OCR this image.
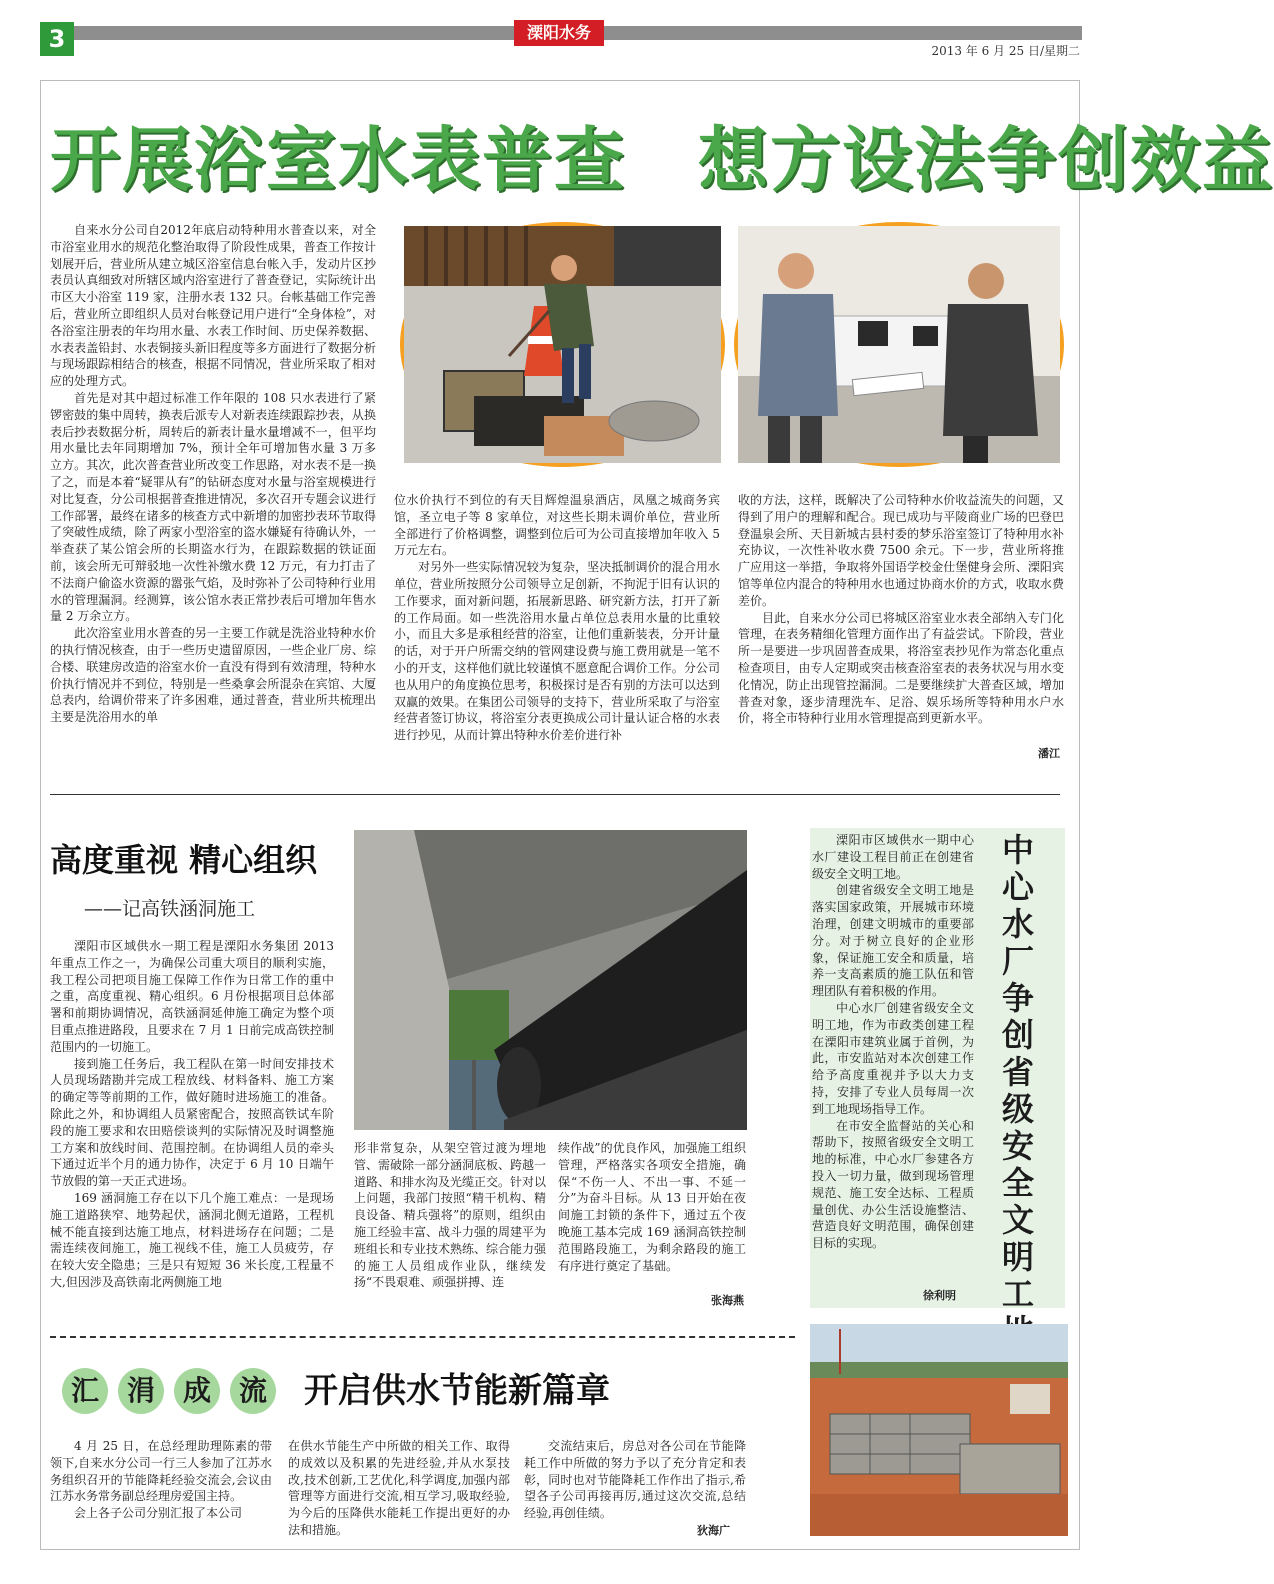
3	溧阳水务
2013 年 6 月 25 日/星期二
开展浴室水表普查　想方设法争创效益

自来水分公司自2012年底启动特种用水普查以来，对全市浴室业用水的规范化整治取得了阶段性成果，普查工作按计划展开后，营业所从建立城区浴室信息台帐入手，发动片区抄表员认真细致对所辖区域内浴室进行了普查登记，实际统计出市区大小浴室 119 家，注册水表 132 只。台帐基础工作完善后，营业所立即组织人员对台帐登记用户进行“全身体检”，对各浴室注册表的年均用水量、水表工作时间、历史保养数据、水表表盖铅封、水表铜接头新旧程度等多方面进行了数据分析与现场跟踪相结合的核查，根据不同情况，营业所采取了相对应的处理方式。

首先是对其中超过标准工作年限的 108 只水表进行了紧锣密鼓的集中周转，换表后派专人对新表连续跟踪抄表，从换表后抄表数据分析，周转后的新表计量水量增减不一，但平均用水量比去年同期增加 7%，预计全年可增加售水量 3 万多立方。其次，此次普查营业所改变工作思路，对水表不是一换了之，而是本着“疑罪从有”的钻研态度对水量与浴室规模进行对比复查，分公司根据普查推进情况，多次召开专题会议进行工作部署，最终在诸多的核查方式中新增的加密抄表环节取得了突破性成绩，除了两家小型浴室的盗水嫌疑有待确认外，一举查获了某公馆会所的长期盗水行为，在跟踪数据的铁证面前，该会所无可辩驳地一次性补缴水费 12 万元，有力打击了不法商户偷盗水资源的嚣张气焰，及时弥补了公司特种行业用水的管理漏洞。经测算，该公馆水表正常抄表后可增加年售水量 2 万余立方。

此次浴室业用水普查的另一主要工作就是洗浴业特种水价的执行情况核查，由于一些历史遗留原因，一些企业厂房、综合楼、联建房改造的浴室水价一直没有得到有效清理，特种水价执行情况并不到位，特别是一些桑拿会所混杂在宾馆、大厦总表内，给调价带来了许多困难，通过普查，营业所共梳理出主要是洗浴用水的单

位水价执行不到位的有天目辉煌温泉酒店，凤凰之城商务宾馆，圣立电子等 8 家单位，对这些长期未调价单位，营业所全部进行了价格调整，调整到位后可为公司直接增加年收入 5 万元左右。

对另外一些实际情况较为复杂，坚决抵制调价的混合用水单位，营业所按照分公司领导立足创新，不拘泥于旧有认识的工作要求，面对新问题，拓展新思路、研究新方法，打开了新的工作局面。如一些洗浴用水量占单位总表用水量的比重较小，而且大多是承租经营的浴室，让他们重新装表，分开计量的话，对于开户所需交纳的管网建设费与施工费用就是一笔不小的开支，这样他们就比较谨慎不愿意配合调价工作。分公司也从用户的角度换位思考，积极探讨是否有别的方法可以达到双赢的效果。在集团公司领导的支持下，营业所采取了与浴室经营者签订协议，将浴室分表更换成公司计量认证合格的水表进行抄见，从而计算出特种水价差价进行补

收的方法，这样，既解决了公司特种水价收益流失的问题，又得到了用户的理解和配合。现已成功与平陵商业广场的巴登巴登温泉会所、天目新城古县村委的梦乐浴室签订了特种用水补充协议，一次性补收水费 7500 余元。下一步，营业所将推广应用这一举措，争取将外国语学校金仕堡健身会所、溧阳宾馆等单位内混合的特种用水也通过协商水价的方式，收取水费差价。

目此，自来水分公司已将城区浴室业水表全部纳入专门化管理，在表务精细化管理方面作出了有益尝试。下阶段，营业所一是要进一步巩固普查成果，将浴室表抄见作为常态化重点检查项目，由专人定期或突击核查浴室表的表务状况与用水变化情况，防止出现管控漏洞。二是要继续扩大普查区域，增加普查对象，逐步清理洗车、足浴、娱乐场所等特种用水户水价，将全市特种行业用水管理提高到更新水平。

潘江
高度重视 精心组织
——记高铁涵洞施工

溧阳市区域供水一期工程是溧阳水务集团 2013 年重点工作之一，为确保公司重大项目的顺利实施，我工程公司把项目施工保障工作作为日常工作的重中之重，高度重视、精心组织。6 月份根据项目总体部署和前期协调情况，高铁涵洞延伸施工确定为整个项目重点推进路段，且要求在 7 月 1 日前完成高铁控制范围内的一切施工。

接到施工任务后，我工程队在第一时间安排技术人员现场踏勘并完成工程放线、材料备料、施工方案的确定等等前期的工作，做好随时进场施工的准备。除此之外，和协调组人员紧密配合，按照高铁试车阶段的施工要求和农田赔偿谈判的实际情况及时调整施工方案和放线时间、范围控制。在协调组人员的牵头下通过近半个月的通力协作，决定于 6 月 10 日端午节放假的第一天正式进场。

169 涵洞施工存在以下几个施工难点：一是现场施工道路狭窄、地势起伏，涵洞北侧无道路，工程机械不能直接到达施工地点，材料进场存在问题；二是需连续夜间施工，施工视线不佳，施工人员疲劳，存在较大安全隐患；三是只有短短 36 米长度,工程量不大,但因涉及高铁南北两侧施工地

形非常复杂，从架空管过渡为埋地管、需破除一部分涵洞底板、跨越一道路、和排水沟及光缆正交。针对以上问题，我部门按照“精干机构、精良设备、精兵强将”的原则，组织由施工经验丰富、战斗力强的周建平为班组长和专业技术熟练、综合能力强的施工人员组成作业队，继续发扬“不畏艰难、顽强拼搏、连

续作战”的优良作风，加强施工组织管理，严格落实各项安全措施，确保“不伤一人、不出一事、不延一分”为奋斗目标。从 13 日开始在夜间施工封锁的条件下，通过五个夜晚施工基本完成 169 涵洞高铁控制范围路段施工，为剩余路段的施工有序进行奠定了基础。

张海燕

溧阳市区域供水一期中心水厂建设工程目前正在创建省级安全文明工地。

创建省级安全文明工地是落实国家政策，开展城市环境治理，创建文明城市的重要部分。对于树立良好的企业形象，保证施工安全和质量，培养一支高素质的施工队伍和管理团队有着积极的作用。

中心水厂创建省级安全文明工地，作为市政类创建工程在溧阳市建筑业属于首例，为此，市安监站对本次创建工作给予高度重视并予以大力支持，安排了专业人员每周一次到工地现场指导工作。

在市安全监督站的关心和帮助下，按照省级安全文明工地的标准，中心水厂参建各方投入一切力量，做到现场管理规范、施工安全达标、工程质量创优、办公生活设施整洁、营造良好文明范围，确保创建目标的实现。

中心水厂争创省级安全文明工
徐利明
汇 涓 成 流 开启供水节能新篇章

4 月 25 日，在总经理助理陈素的带领下,自来水分公司一行三人参加了江苏水务组织召开的节能降耗经验交流会,会议由江苏水务常务副总经理房爱国主持。

会上各子公司分别汇报了本公司

在供水节能生产中所做的相关工作、取得的成效以及积累的先进经验,并从水泵技改,技术创新,工艺优化,科学调度,加强内部管理等方面进行交流,相互学习,吸取经验,为今后的压降供水能耗工作提出更好的办法和措施。

交流结束后，房总对各公司在节能降耗工作中所做的努力予以了充分肯定和表彰，同时也对节能降耗工作作出了指示,希望各子公司再接再厉,通过这次交流,总结经验,再创佳绩。

狄海广
